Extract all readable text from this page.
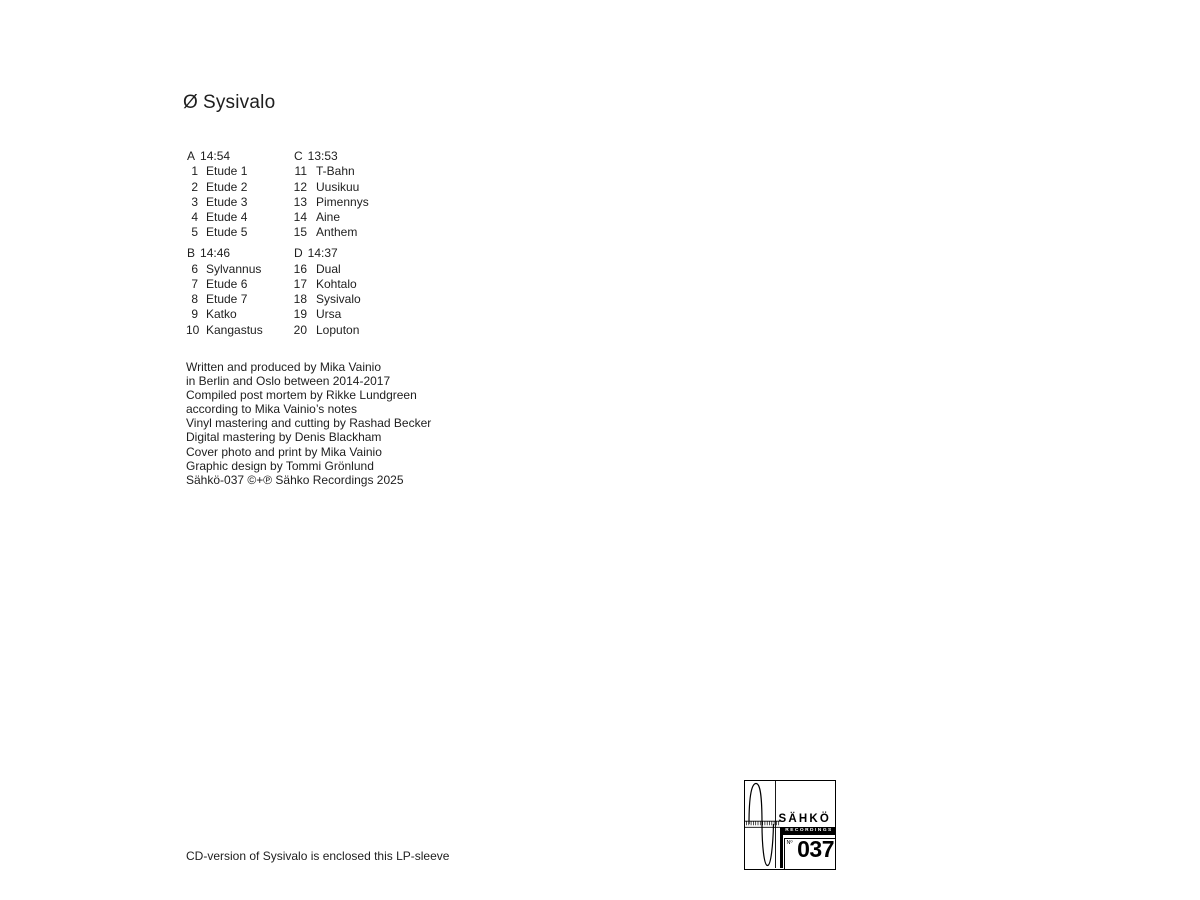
Ø Sysivalo
A 14:54
1 Etude 1
2 Etude 2
3 Etude 3
4 Etude 4
5 Etude 5
B 14:46
6 Sylvannus
7 Etude 6
8 Etude 7
9 Katko
10 Kangastus
C 13:53
11 T-Bahn
12 Uusikuu
13 Pimennys
14 Aine
15 Anthem
D 14:37
16 Dual
17 Kohtalo
18 Sysivalo
19 Ursa
20 Loputon
Written and produced by Mika Vainio
in Berlin and Oslo between 2014-2017
Compiled post mortem by Rikke Lundgreen
according to Mika Vainio’s notes
Vinyl mastering and cutting by Rashad Becker
Digital mastering by Denis Blackham
Cover photo and print by Mika Vainio
Graphic design by Tommi Grönlund
Sähkö-037 ©+℗ Sähko Recordings 2025
CD-version of Sysivalo is enclosed this LP-sleeve
SÄHKÖ
RECORDINGS
Nº 037
